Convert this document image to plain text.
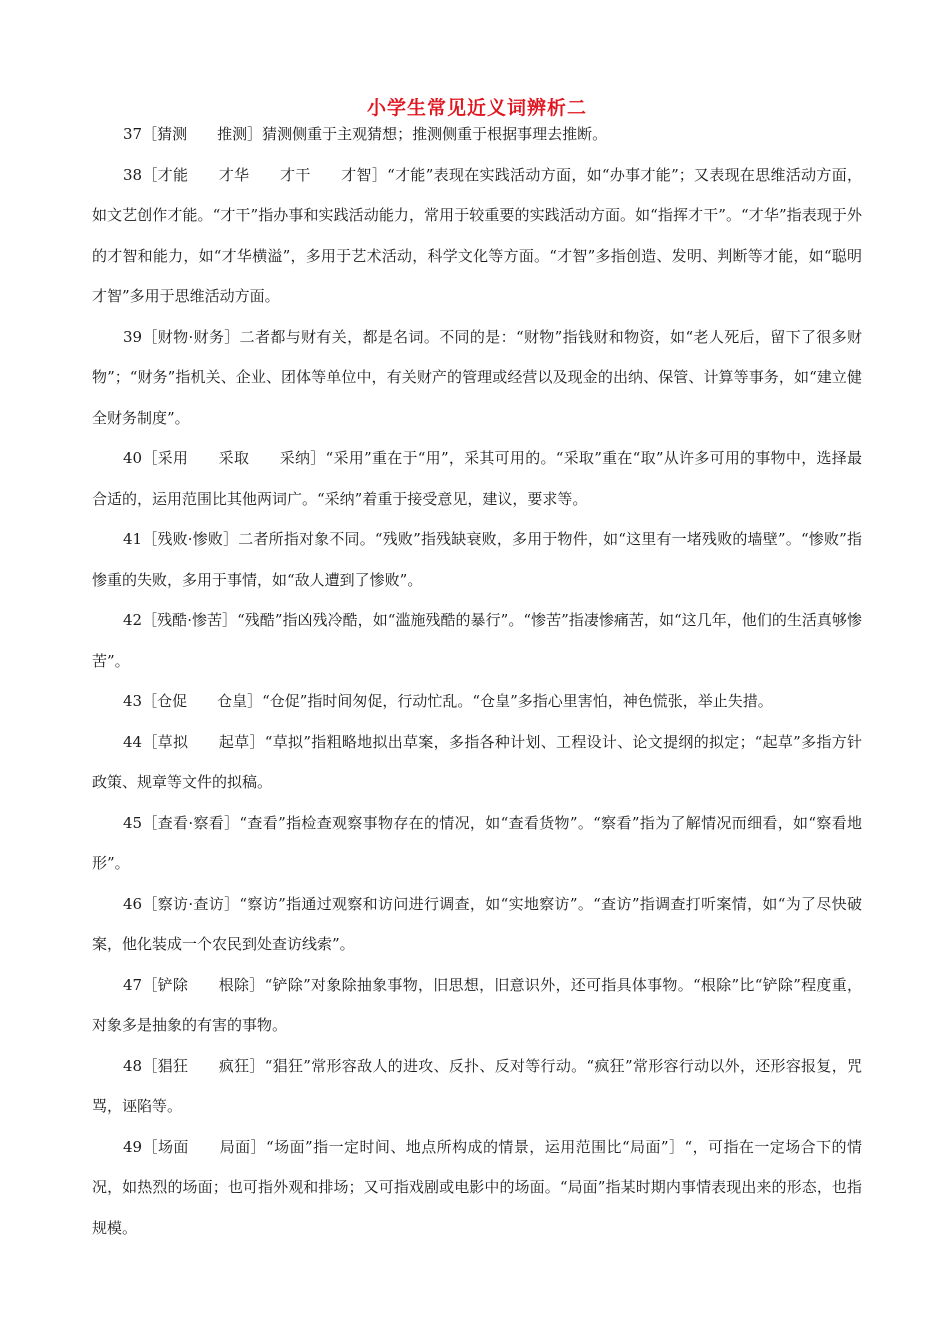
小学生常见近义词辨析二

37［猜测　　推测］猜测侧重于主观猜想；推测侧重于根据事理去推断。

38［才能　　才华　　才干　　才智］“才能”表现在实践活动方面，如“办事才能”；又表现在思维活动方面，如文艺创作才能。“才干”指办事和实践活动能力，常用于较重要的实践活动方面。如“指挥才干”。“才华”指表现于外的才智和能力，如“才华横溢”，多用于艺术活动，科学文化等方面。“才智”多指创造、发明、判断等才能，如“聪明才智”多用于思维活动方面。

39［财物·财务］二者都与财有关，都是名词。不同的是：“财物”指钱财和物资，如“老人死后，留下了很多财物”；“财务”指机关、企业、团体等单位中，有关财产的管理或经营以及现金的出纳、保管、计算等事务，如“建立健全财务制度”。

40［采用　　采取　　采纳］“采用”重在于“用”，采其可用的。“采取”重在“取”从许多可用的事物中，选择最合适的，运用范围比其他两词广。“采纳”着重于接受意见，建议，要求等。

41［残败·惨败］二者所指对象不同。“残败”指残缺衰败，多用于物件，如“这里有一堵残败的墙壁”。“惨败”指惨重的失败，多用于事情，如“敌人遭到了惨败”。

42［残酷·惨苦］“残酷”指凶残冷酷，如“滥施残酷的暴行”。“惨苦”指凄惨痛苦，如“这几年，他们的生活真够惨苦”。

43［仓促　　仓皇］“仓促”指时间匆促，行动忙乱。“仓皇”多指心里害怕，神色慌张，举止失措。

44［草拟　　起草］“草拟”指粗略地拟出草案，多指各种计划、工程设计、论文提纲的拟定；“起草”多指方针政策、规章等文件的拟稿。

45［查看·察看］“查看”指检查观察事物存在的情况，如“查看货物”。“察看”指为了解情况而细看，如“察看地形”。

46［察访·查访］“察访”指通过观察和访问进行调查，如“实地察访”。“查访”指调查打听案情，如“为了尽快破案，他化装成一个农民到处查访线索”。

47［铲除　　根除］“铲除”对象除抽象事物，旧思想，旧意识外，还可指具体事物。“根除”比“铲除”程度重，对象多是抽象的有害的事物。

48［猖狂　　疯狂］“猖狂”常形容敌人的进攻、反扑、反对等行动。“疯狂”常形容行动以外，还形容报复，咒骂，诬陷等。

49［场面　　局面］“场面”指一定时间、地点所构成的情景，运用范围比“局面”］“，可指在一定场合下的情况，如热烈的场面；也可指外观和排场；又可指戏剧或电影中的场面。“局面”指某时期内事情表现出来的形态，也指规模。
